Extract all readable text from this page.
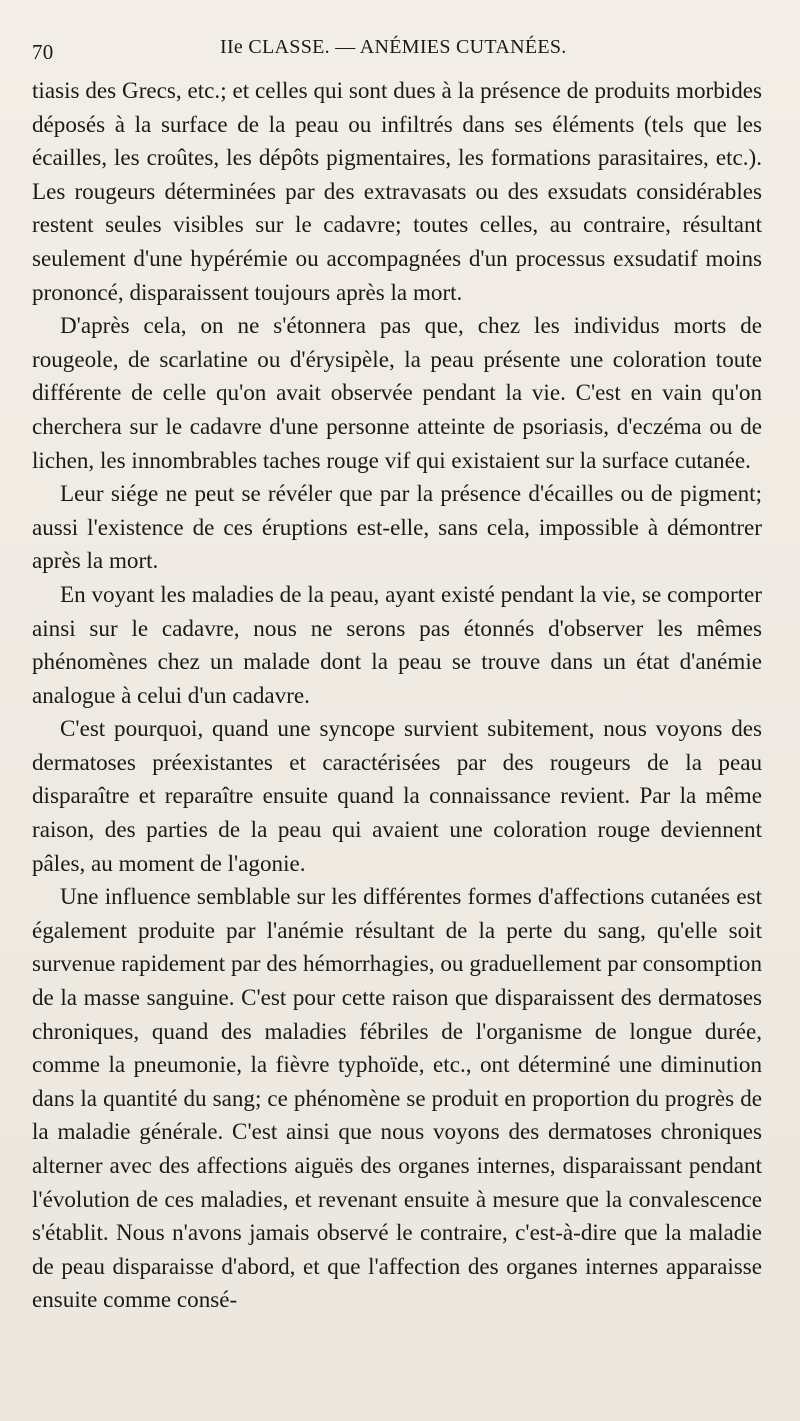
70	IIe CLASSE. — ANÉMIES CUTANÉES.

tiasis des Grecs, etc.; et celles qui sont dues à la présence de produits morbides déposés à la surface de la peau ou infiltrés dans ses éléments (tels que les écailles, les croûtes, les dépôts pigmentaires, les formations parasitaires, etc.). Les rougeurs déterminées par des extravasats ou des exsudats considérables restent seules visibles sur le cadavre; toutes celles, au contraire, résultant seulement d'une hypérémie ou accompagnées d'un processus exsudatif moins prononcé, disparaissent toujours après la mort.

D'après cela, on ne s'étonnera pas que, chez les individus morts de rougeole, de scarlatine ou d'érysipèle, la peau présente une coloration toute différente de celle qu'on avait observée pendant la vie. C'est en vain qu'on cherchera sur le cadavre d'une personne atteinte de psoriasis, d'eczéma ou de lichen, les innombrables taches rouge vif qui existaient sur la surface cutanée.

Leur siége ne peut se révéler que par la présence d'écailles ou de pigment; aussi l'existence de ces éruptions est-elle, sans cela, impossible à démontrer après la mort.

En voyant les maladies de la peau, ayant existé pendant la vie, se comporter ainsi sur le cadavre, nous ne serons pas étonnés d'observer les mêmes phénomènes chez un malade dont la peau se trouve dans un état d'anémie analogue à celui d'un cadavre.

C'est pourquoi, quand une syncope survient subitement, nous voyons des dermatoses préexistantes et caractérisées par des rougeurs de la peau disparaître et reparaître ensuite quand la connaissance revient. Par la même raison, des parties de la peau qui avaient une coloration rouge deviennent pâles, au moment de l'agonie.

Une influence semblable sur les différentes formes d'affections cutanées est également produite par l'anémie résultant de la perte du sang, qu'elle soit survenue rapidement par des hémorrhagies, ou graduellement par consomption de la masse sanguine. C'est pour cette raison que disparaissent des dermatoses chroniques, quand des maladies fébriles de l'organisme de longue durée, comme la pneumonie, la fièvre typhoïde, etc., ont déterminé une diminution dans la quantité du sang; ce phénomène se produit en proportion du progrès de la maladie générale. C'est ainsi que nous voyons des dermatoses chroniques alterner avec des affections aiguës des organes internes, disparaissant pendant l'évolution de ces maladies, et revenant ensuite à mesure que la convalescence s'établit. Nous n'avons jamais observé le contraire, c'est-à-dire que la maladie de peau disparaisse d'abord, et que l'affection des organes internes apparaisse ensuite comme consé-
